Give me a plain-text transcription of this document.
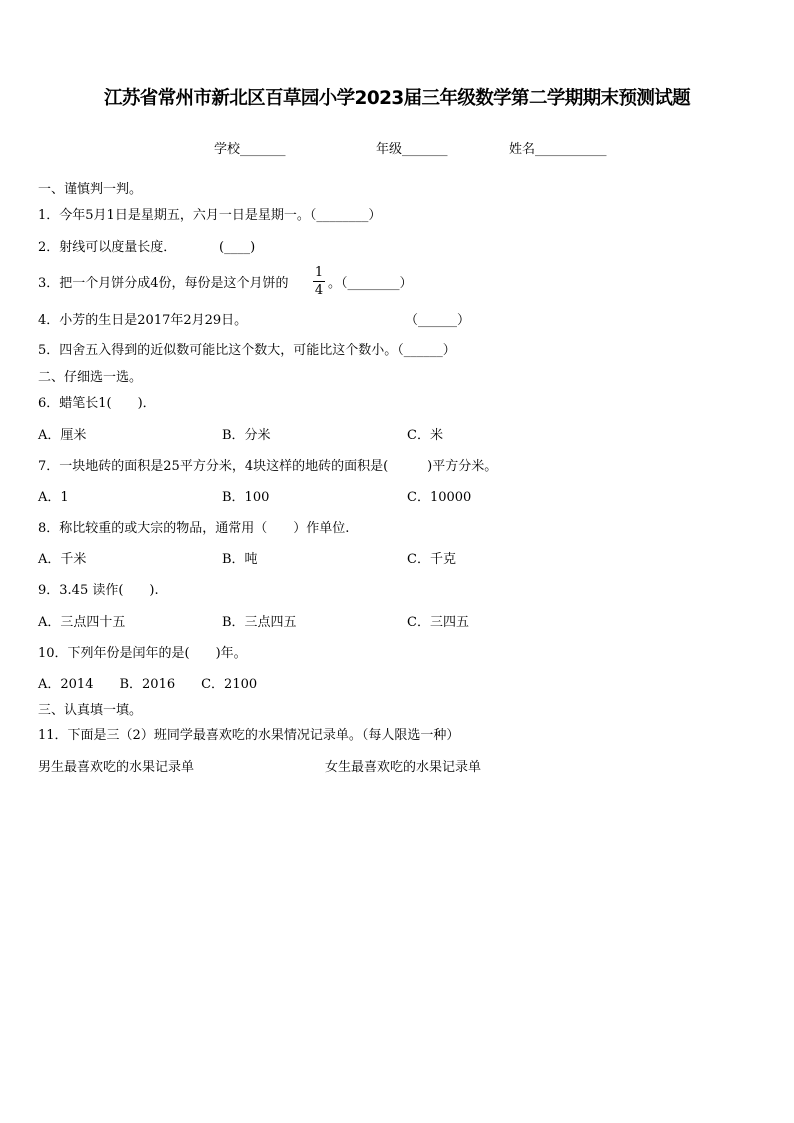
江苏省常州市新北区百草园小学2023届三年级数学第二学期期末预测试题
学校_______	年级_______	姓名___________
一、谨慎判一判。
1．今年5月1日是星期五，六月一日是星期一。（________）
2．射线可以度量长度．	(____)
3．把一个月饼分成4份，每份是这个月饼的
1
4 。（________）
4．小芳的生日是2017年2月29日。	（______）
5．四舍五入得到的近似数可能比这个数大，可能比这个数小。（______）
二、仔细选一选。
6．蜡笔长1(　　)．
A．厘米	B．分米	C．米
7．一块地砖的面积是25平方分米，4块这样的地砖的面积是(　　　)平方分米。
A．1	B．100	C．10000
8．称比较重的或大宗的物品，通常用（　　）作单位.
A．千米	B．吨	C．千克
9．3.45 读作(　　).
A．三点四十五	B．三点四五	C．三四五
10．下列年份是闰年的是(　　)年。
A．2014　　B．2016　　C．2100
三、认真填一填。
11．下面是三（2）班同学最喜欢吃的水果情况记录单。（每人限选一种）
男生最喜欢吃的水果记录单	女生最喜欢吃的水果记录单
